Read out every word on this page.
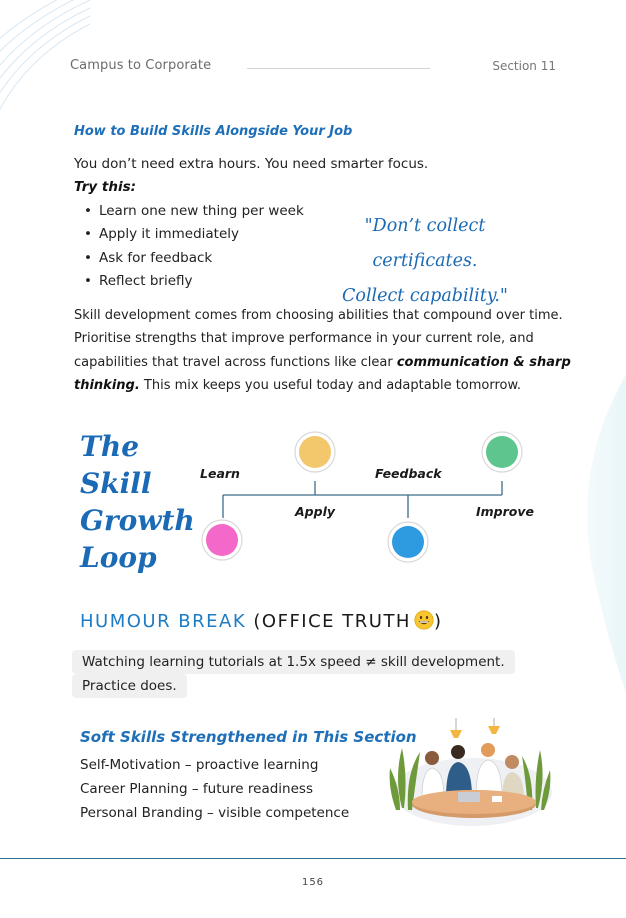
Campus to Corporate	Section 11
How to Build Skills Alongside Your Job
You don’t need extra hours. You need smarter focus.
Try this:
• Learn one new thing per week
• Apply it immediately
• Ask for feedback
• Reflect briefly
"Don’t collect certificates.
Collect capability."

Skill development comes from choosing abilities that compound over time. Prioritise strengths that improve performance in your current role, and capabilities that travel across functions like clear communication & sharp thinking. This mix keeps you useful today and adaptable tomorrow.

The
Skill
Growth
Loop
Learn
Apply
Feedback
Improve
HUMOUR BREAK (OFFICE TRUTH )
Watching learning tutorials at 1.5x speed ≠ skill development.
Practice does.
Soft Skills Strengthened in This Section
Self-Motivation – proactive learning
Career Planning – future readiness
Personal Branding – visible competence
156
